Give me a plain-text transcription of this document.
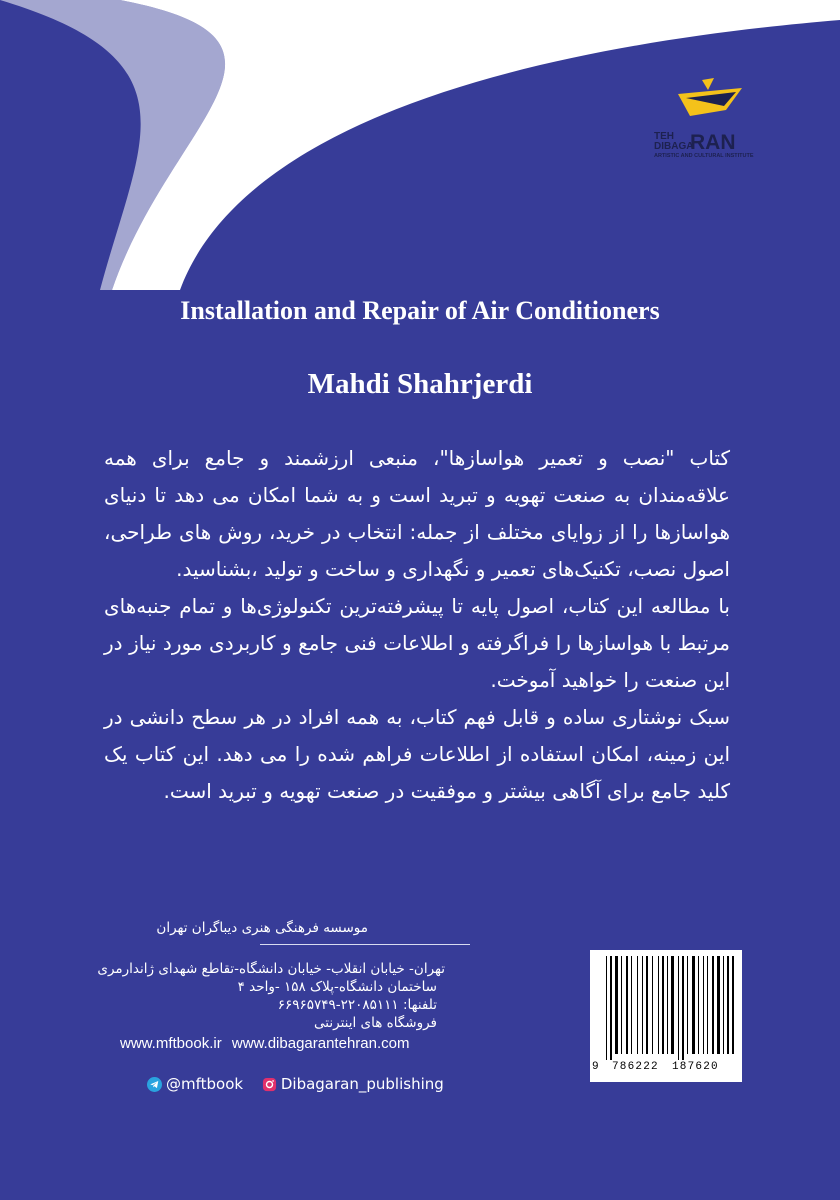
TEH
DIBAGA
RAN
ARTISTIC AND CULTURAL INSTITUTE
Installation and Repair of Air Conditioners
Mahdi Shahrjerdi

کتاب "نصب و تعمیر هواسازها"، منبعی ارزشمند و جامع برای همه علاقه‌مندان به صنعت تهویه و تبرید است و به شما امکان می دهد تا دنیای هواسازها را از زوایای مختلف از جمله: انتخاب در خرید، روش های طراحی، اصول نصب، تکنیک‌های تعمیر و نگهداری و ساخت و تولید ،بشناسید.

با مطالعه این کتاب، اصول پایه تا پیشرفته‌ترین تکنولوژی‌ها و تمام جنبه‌های مرتبط با هواسازها را فراگرفته و اطلاعات فنی جامع و کاربردی مورد نیاز در این صنعت را خواهید آموخت.

سبک نوشتاری ساده و قابل فهم کتاب، به همه افراد در هر سطح دانشی در این زمینه، امکان استفاده از اطلاعات فراهم شده را می دهد. این کتاب یک کلید جامع برای آگاهی بیشتر و موفقیت در صنعت تهویه و تبرید است.

موسسه فرهنگی هنری دیباگران تهران
تهران- خیابان انقلاب- خیابان دانشگاه-تقاطع شهدای ژاندارمری
ساختمان دانشگاه-پلاک ۱۵۸ -واحد ۴
تلفنها: ۲۲۰۸۵۱۱۱-۶۶۹۶۵۷۴۹
فروشگاه های اینترنتی
www.mftbook.ir www.dibagarantehran.com
@mftbook
	Dibagaran_publishing
9 786222 187620
